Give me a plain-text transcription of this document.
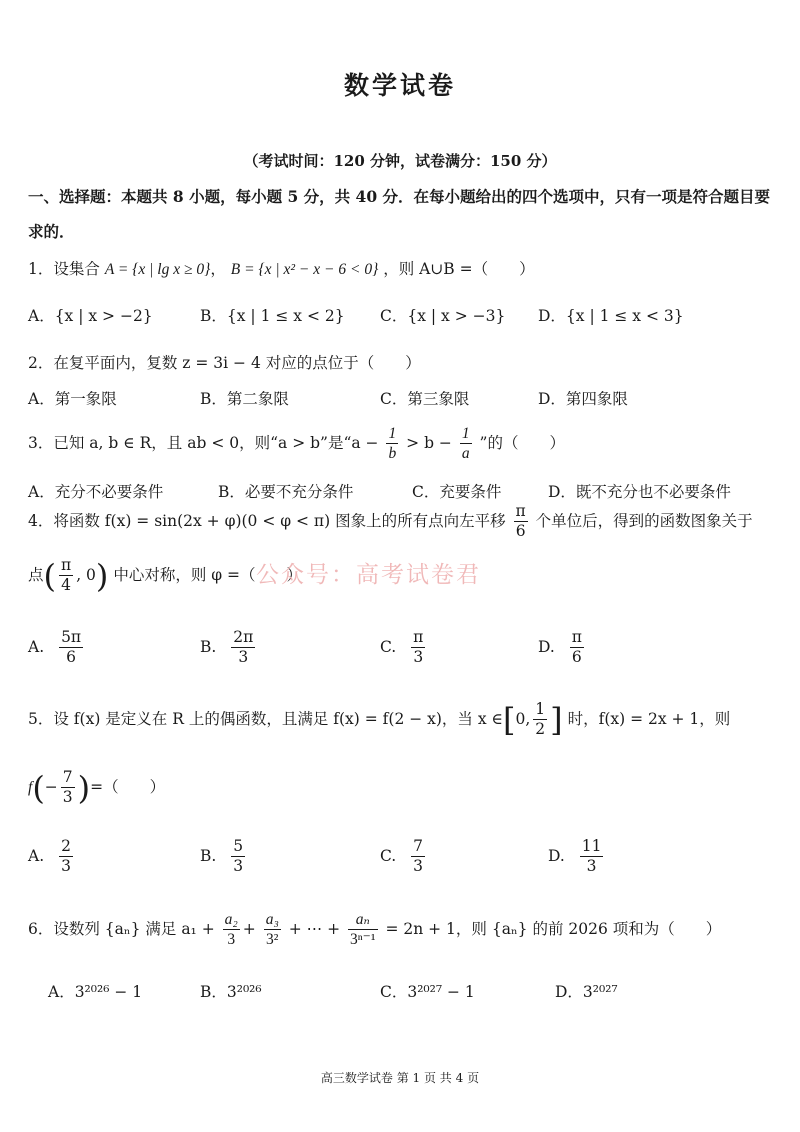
数学试卷
（考试时间：120 分钟，试卷满分：150 分）
一、选择题：本题共 8 小题，每小题 5 分，共 40 分．在每小题给出的四个选项中，只有一项是符合题目要求的．
1．设集合 A = {x | lg x ≥ 0}， B = {x | x² − x − 6 < 0} ，则 A∪B =（　　）
A．{x | x > −2}	B．{x | 1 ≤ x < 2} C．{x | x > −3} D．{x | 1 ≤ x < 3}
2．在复平面内，复数 z = 3i − 4 对应的点位于（　　）
A．第一象限	B．第二象限	C．第三象限	D．第四象限
3．已知 a, b ∈ R，且 ab < 0，则“a > b”是“$a - \frac{1}{b} > b - \frac{1}{a}$ ”的（　　）
A．充分不必要条件	B．必要不充分条件	C．充要条件	D．既不充分也不必要条件
4．将函数 f(x) = sin(2x + φ)(0 < φ < π) 图象上的所有点向左平移 $\frac{\pi}{6}$ 个单位后，得到的函数图象关于
点( $\frac{\pi}{4}$ , 0) 中心对称，则 φ =（　　）
A. $\frac{5\pi}{6}$	B. $\frac{2\pi}{3}$	C. $\frac{\pi}{3}$	D. $\frac{\pi}{6}$
5．设 f(x) 是定义在 R 上的偶函数，且满足 f(x) = f(2 − x)，当 x ∈[0, $\frac{1}{2}$ ] 时，f(x) = 2x + 1，则
$f(- \frac{7}{3}$ )=（　　）
A. $\frac{2}{3}$	B. $\frac{5}{3}$	C. $\frac{7}{3}$	D. $\frac{11}{3}$
6．设数列 {aₙ} 满足 $a_1 + \frac{\text{a₂}}{3} + \frac{\text{a₃}}{\text{3²}}$ + ⋯ + $\frac{\text{aₙ}}{\text{3ⁿ⁻¹}} = 2n + 1$，则 {aₙ} 的前 2026 项和为（　　）
A．3²⁰²⁶ − 1	B．3²⁰²⁶	C．3²⁰²⁷ − 1	D．3²⁰²⁷
公众号：高考试卷君
高三数学试卷 第 1 页 共 4 页
